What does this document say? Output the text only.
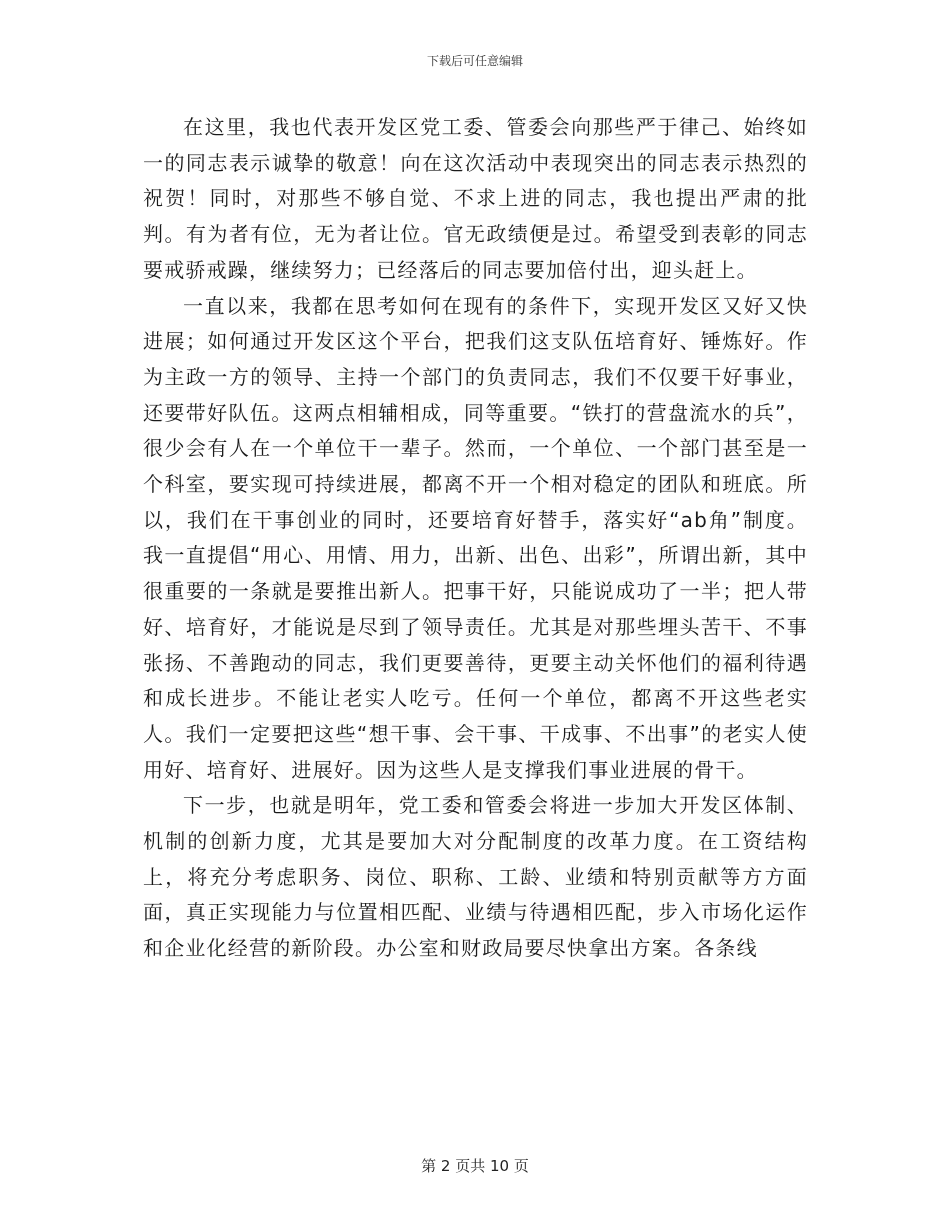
下载后可任意编辑

在这里，我也代表开发区党工委、管委会向那些严于律己、始终如一的同志表示诚挚的敬意！向在这次活动中表现突出的同志表示热烈的祝贺！同时，对那些不够自觉、不求上进的同志，我也提出严肃的批判。有为者有位，无为者让位。官无政绩便是过。希望受到表彰的同志要戒骄戒躁，继续努力；已经落后的同志要加倍付出，迎头赶上。

一直以来，我都在思考如何在现有的条件下，实现开发区又好又快进展；如何通过开发区这个平台，把我们这支队伍培育好、锤炼好。作为主政一方的领导、主持一个部门的负责同志，我们不仅要干好事业，还要带好队伍。这两点相辅相成，同等重要。“铁打的营盘流水的兵”，很少会有人在一个单位干一辈子。然而，一个单位、一个部门甚至是一个科室，要实现可持续进展，都离不开一个相对稳定的团队和班底。所以，我们在干事创业的同时，还要培育好替手，落实好“ab角”制度。我一直提倡“用心、用情、用力，出新、出色、出彩”，所谓出新，其中很重要的一条就是要推出新人。把事干好，只能说成功了一半；把人带好、培育好，才能说是尽到了领导责任。尤其是对那些埋头苦干、不事张扬、不善跑动的同志，我们更要善待，更要主动关怀他们的福利待遇和成长进步。不能让老实人吃亏。任何一个单位，都离不开这些老实人。我们一定要把这些“想干事、会干事、干成事、不出事”的老实人使用好、培育好、进展好。因为这些人是支撑我们事业进展的骨干。

下一步，也就是明年，党工委和管委会将进一步加大开发区体制、机制的创新力度，尤其是要加大对分配制度的改革力度。在工资结构上，将充分考虑职务、岗位、职称、工龄、业绩和特别贡献等方方面面，真正实现能力与位置相匹配、业绩与待遇相匹配，步入市场化运作和企业化经营的新阶段。办公室和财政局要尽快拿出方案。各条线

第 2 页共 10 页
